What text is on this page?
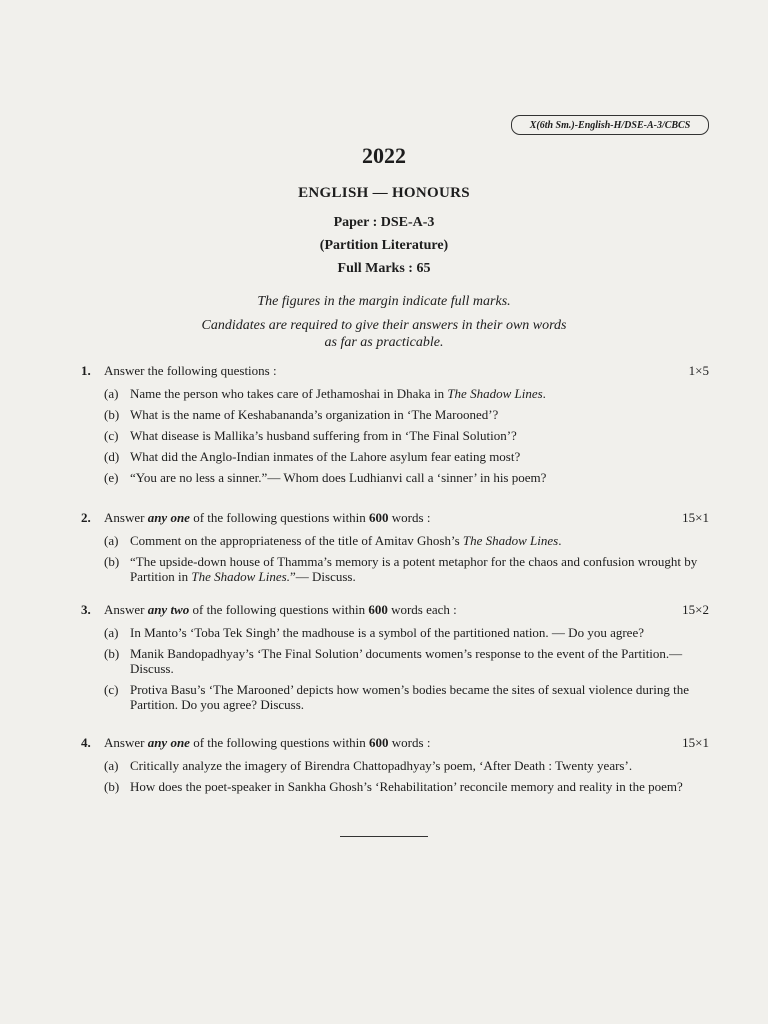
X(6th Sm.)-English-H/DSE-A-3/CBCS
2022
ENGLISH — HONOURS
Paper : DSE-A-3
(Partition Literature)
Full Marks : 65
The figures in the margin indicate full marks.
Candidates are required to give their answers in their own words
as far as practicable.
1. Answer the following questions :	1×5
(a) Name the person who takes care of Jethamoshai in Dhaka in The Shadow Lines.
(b) What is the name of Keshabananda’s organization in ‘The Marooned’?
(c) What disease is Mallika’s husband suffering from in ‘The Final Solution’?
(d) What did the Anglo-Indian inmates of the Lahore asylum fear eating most?
(e) “You are no less a sinner.”— Whom does Ludhianvi call a ‘sinner’ in his poem?
2. Answer any one of the following questions within 600 words :	15×1
(a) Comment on the appropriateness of the title of Amitav Ghosh’s The Shadow Lines.
(b) “The upside-down house of Thamma’s memory is a potent metaphor for the chaos and confusion wrought by Partition in The Shadow Lines.”— Discuss.
3. Answer any two of the following questions within 600 words each :	15×2
(a) In Manto’s ‘Toba Tek Singh’ the madhouse is a symbol of the partitioned nation. — Do you agree?
(b) Manik Bandopadhyay’s ‘The Final Solution’ documents women’s response to the event of the Partition.— Discuss.
(c) Protiva Basu’s ‘The Marooned’ depicts how women’s bodies became the sites of sexual violence during the Partition. Do you agree? Discuss.
4. Answer any one of the following questions within 600 words :	15×1
(a) Critically analyze the imagery of Birendra Chattopadhyay’s poem, ‘After Death : Twenty years’.
(b) How does the poet-speaker in Sankha Ghosh’s ‘Rehabilitation’ reconcile memory and reality in the poem?
